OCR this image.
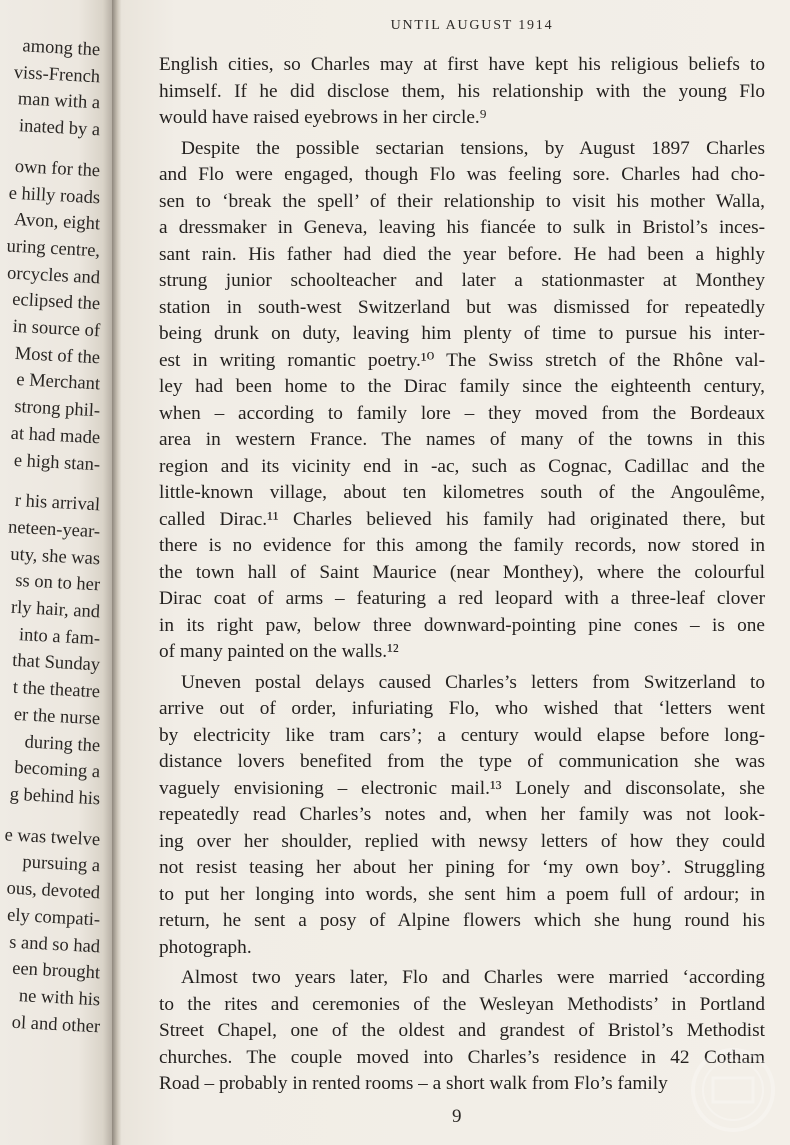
among the
viss-French
man with a
inated by a
own for the
e hilly roads
Avon, eight
uring centre,
orcycles and
eclipsed the
in source of
Most of the
e Merchant
strong phil-
at had made
e high stan-
r his arrival
neteen-year-
uty, she was
ss on to her
rly hair, and
into a fam-
that Sunday
t the theatre
er the nurse
during the
becoming a
g behind his
e was twelve
pursuing a
ous, devoted
ely compati-
s and so had
een brought
ne with his
ol and other
UNTIL AUGUST 1914
English cities, so Charles may at first have kept his religious beliefs to
himself. If he did disclose them, his relationship with the young Flo
would have raised eyebrows in her circle.⁹
Despite the possible sectarian tensions, by August 1897 Charles
and Flo were engaged, though Flo was feeling sore. Charles had cho-
sen to ‘break the spell’ of their relationship to visit his mother Walla,
a dressmaker in Geneva, leaving his fiancée to sulk in Bristol’s inces-
sant rain. His father had died the year before. He had been a highly
strung junior schoolteacher and later a stationmaster at Monthey
station in south-west Switzerland but was dismissed for repeatedly
being drunk on duty, leaving him plenty of time to pursue his inter-
est in writing romantic poetry.¹⁰ The Swiss stretch of the Rhône val-
ley had been home to the Dirac family since the eighteenth century,
when – according to family lore – they moved from the Bordeaux
area in western France. The names of many of the towns in this
region and its vicinity end in -ac, such as Cognac, Cadillac and the
little-known village, about ten kilometres south of the Angoulême,
called Dirac.¹¹ Charles believed his family had originated there, but
there is no evidence for this among the family records, now stored in
the town hall of Saint Maurice (near Monthey), where the colourful
Dirac coat of arms – featuring a red leopard with a three-leaf clover
in its right paw, below three downward-pointing pine cones – is one
of many painted on the walls.¹²
Uneven postal delays caused Charles’s letters from Switzerland to
arrive out of order, infuriating Flo, who wished that ‘letters went
by electricity like tram cars’; a century would elapse before long-
distance lovers benefited from the type of communication she was
vaguely envisioning – electronic mail.¹³ Lonely and disconsolate, she
repeatedly read Charles’s notes and, when her family was not look-
ing over her shoulder, replied with newsy letters of how they could
not resist teasing her about her pining for ‘my own boy’. Struggling
to put her longing into words, she sent him a poem full of ardour; in
return, he sent a posy of Alpine flowers which she hung round his
photograph.
Almost two years later, Flo and Charles were married ‘according
to the rites and ceremonies of the Wesleyan Methodists’ in Portland
Street Chapel, one of the oldest and grandest of Bristol’s Methodist
churches. The couple moved into Charles’s residence in 42 Cotham
Road – probably in rented rooms – a short walk from Flo’s family
9
